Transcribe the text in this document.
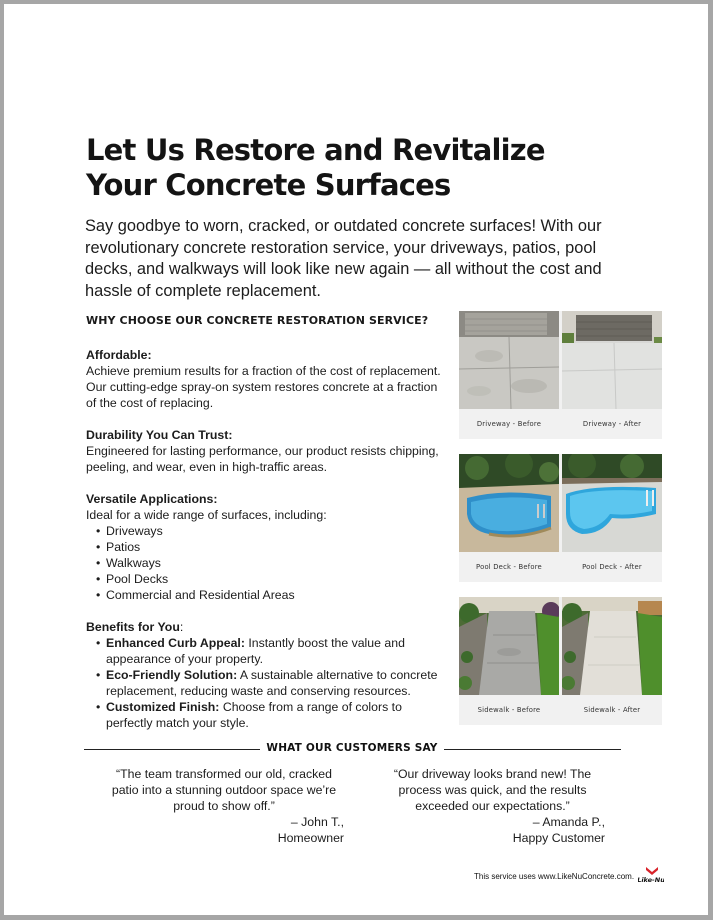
Let Us Restore and Revitalize
Your Concrete Surfaces

Say goodbye to worn, cracked, or outdated concrete surfaces! With our revolutionary concrete restoration service, your driveways, patios, pool decks, and walkways will look like new again — all without the cost and hassle of complete replacement.

WHY CHOOSE OUR CONCRETE RESTORATION SERVICE?
Affordable:

Achieve premium results for a fraction of the cost of replacement. Our cutting-edge spray-on system restores concrete at a fraction of the cost of replacing.

Durability You Can Trust:

Engineered for lasting performance, our product resists chipping, peeling, and wear, even in high-traffic areas.

Versatile Applications:

Ideal for a wide range of surfaces, including:

• Driveways
• Patios
• Walkways
• Pool Decks
• Commercial and Residential Areas
Benefits for You:
• Enhanced Curb Appeal: Instantly boost the value and appearance of your property.
• Eco-Friendly Solution: A sustainable alternative to concrete replacement, reducing waste and conserving resources.
• Customized Finish: Choose from a range of colors to perfectly match your style.
Driveway - Before	Driveway - After
Pool Deck - Before	Pool Deck - After
Sidewalk - Before	Sidewalk - After
WHAT OUR CUSTOMERS SAY

“The team transformed our old, cracked patio into a stunning outdoor space we’re proud to show off.”

– John T.,

Homeowner

“Our driveway looks brand new! The process was quick, and the results exceeded our expectations.”

– Amanda P.,

Happy Customer

This service uses www.LikeNuConcrete.com. Like-Nu
